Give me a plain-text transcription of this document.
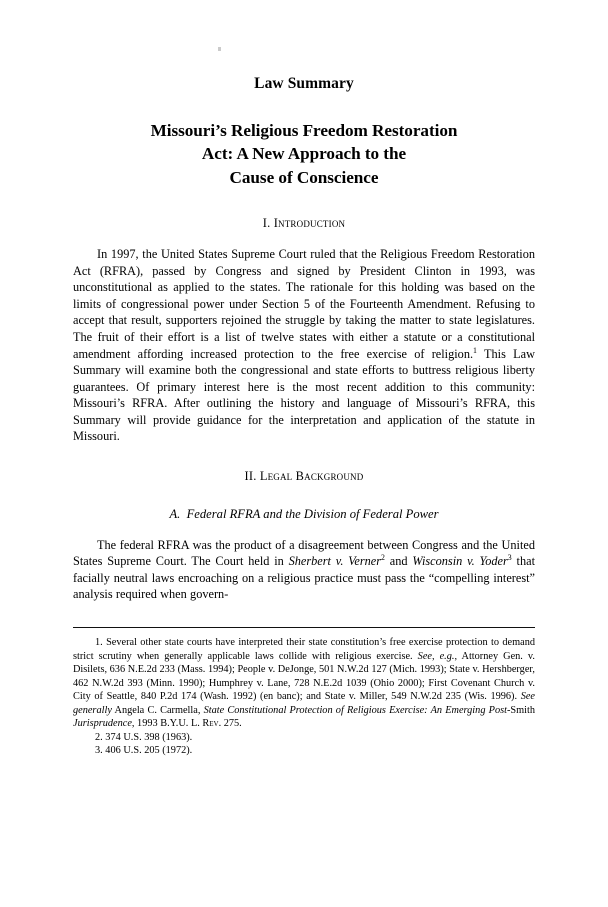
Law Summary
Missouri’s Religious Freedom Restoration
Act: A New Approach to the
Cause of Conscience
I. Introduction

In 1997, the United States Supreme Court ruled that the Religious Freedom Restoration Act (RFRA), passed by Congress and signed by President Clinton in 1993, was unconstitutional as applied to the states. The rationale for this holding was based on the limits of congressional power under Section 5 of the Fourteenth Amendment. Refusing to accept that result, supporters rejoined the struggle by taking the matter to state legislatures. The fruit of their effort is a list of twelve states with either a statute or a constitutional amendment affording increased protection to the free exercise of religion.$^1$ This Law Summary will examine both the congressional and state efforts to buttress religious liberty guarantees. Of primary interest here is the most recent addition to this community: Missouri’s RFRA. After outlining the history and language of Missouri’s RFRA, this Summary will provide guidance for the interpretation and application of the statute in Missouri.

II. Legal Background
A. Federal RFRA and the Division of Federal Power

The federal RFRA was the product of a disagreement between Congress and the United States Supreme Court. The Court held in Sherbert v. Verner$^2$ and Wisconsin v. Yoder$^3$ that facially neutral laws encroaching on a religious practice must pass the “compelling interest” analysis required when govern-

1. Several other state courts have interpreted their state constitution’s free exercise protection to demand strict scrutiny when generally applicable laws collide with religious exercise. See, e.g., Attorney Gen. v. Disilets, 636 N.E.2d 233 (Mass. 1994); People v. DeJonge, 501 N.W.2d 127 (Mich. 1993); State v. Hershberger, 462 N.W.2d 393 (Minn. 1990); Humphrey v. Lane, 728 N.E.2d 1039 (Ohio 2000); First Covenant Church v. City of Seattle, 840 P.2d 174 (Wash. 1992) (en banc); and State v. Miller, 549 N.W.2d 235 (Wis. 1996). See generally Angela C. Carmella, State Constitutional Protection of Religious Exercise: An Emerging Post-Smith Jurisprudence, 1993 B.Y.U. L. Rev. 275.

2. 374 U.S. 398 (1963).

3. 406 U.S. 205 (1972).
